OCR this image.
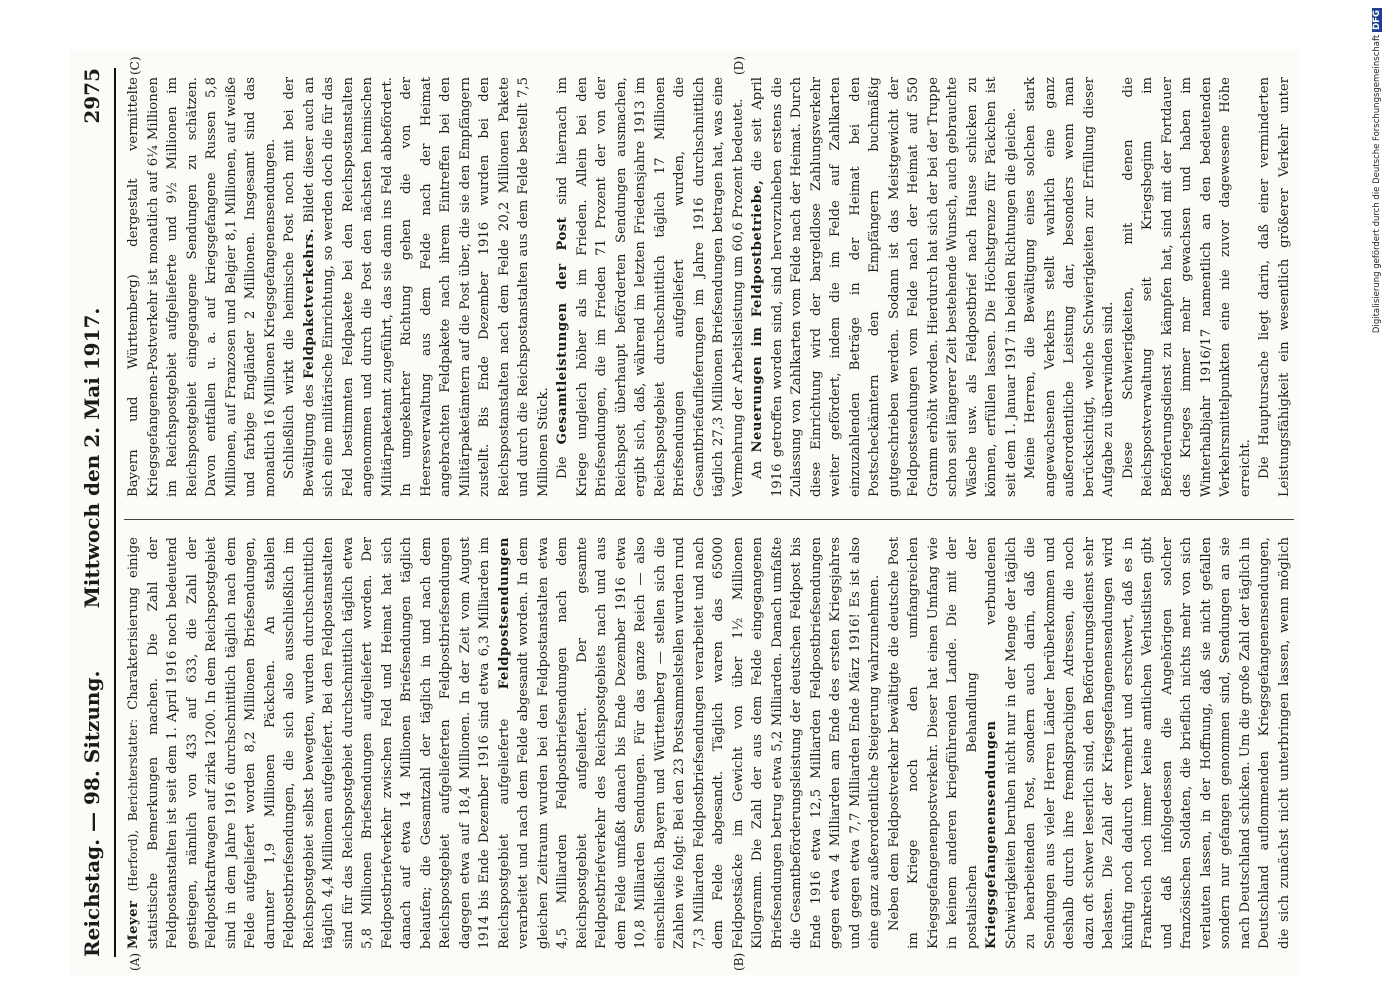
Reichstag. — 98. Sitzung.
Mittwoch den 2. Mai 1917.  2975
(A)	(B)
(C)	(D)

Meyer (Herford), Berichterstatter: Charakterisierung einige statistische Bemerkungen machen. Die Zahl der Feldpostanstalten ist seit dem 1. April 1916 noch bedeutend gestiegen, nämlich von 433 auf 633, die Zahl der Feldpostkraftwagen auf zirka 1200. In dem Reichspostgebiet sind in dem Jahre 1916 durchschnittlich täglich nach dem Felde aufgeliefert worden 8,2 Millionen Briefsendungen, darunter 1,9 Millionen Päckchen. An stabilen Feldpostbriefsendungen, die sich also ausschließlich im Reichspostgebiet selbst bewegten, wurden durchschnittlich täglich 4,4 Millionen aufgeliefert. Bei den Feldpostanstalten sind für das Reichspostgebiet durchschnittlich täglich etwa 5,8 Millionen Briefsendungen aufgeliefert worden. Der Feldpostbriefverkehr zwischen Feld und Heimat hat sich danach auf etwa 14 Millionen Briefsendungen täglich belaufen; die Gesamtzahl der täglich in und nach dem Reichspostgebiet aufgelieferten Feldpostbriefsendungen dagegen etwa auf 18,4 Millionen. In der Zeit vom August 1914 bis Ende Dezember 1916 sind etwa 6,3 Milliarden im Reichspostgebiet aufgelieferte Feldpostsendungen verarbeitet und nach dem Felde abgesandt worden. In dem gleichen Zeitraum wurden bei den Feldpostanstalten etwa 4,5 Milliarden Feldpostbriefsendungen nach dem Reichspostgebiet aufgeliefert. Der gesamte Feldpostbriefverkehr des Reichspostgebiets nach und aus dem Felde umfaßt danach bis Ende Dezember 1916 etwa 10,8 Milliarden Sendungen. Für das ganze Reich — also einschließlich Bayern und Württemberg — stellen sich die Zahlen wie folgt: Bei den 23 Postsammelstellen wurden rund 7,3 Milliarden Feldpostbriefsendungen verarbeitet und nach dem Felde abgesandt. Täglich waren das 65000 Feldpostsäcke im Gewicht von über 1½ Millionen Kilogramm. Die Zahl der aus dem Felde eingegangenen Briefsendungen betrug etwa 5,2 Milliarden. Danach umfaßte die Gesamtbeförderungsleistung der deutschen Feldpost bis Ende 1916 etwa 12,5 Milliarden Feldpostbriefsendungen gegen etwa 4 Milliarden am Ende des ersten Kriegsjahres und gegen etwa 7,7 Milliarden Ende März 1916! Es ist also eine ganz außerordentliche Steigerung wahrzunehmen. Neben dem Feldpostverkehr bewältigte die deutsche Post im Kriege noch den umfangreichen Kriegsgefangenenpostverkehr. Dieser hat einen Umfang wie in keinem anderen kriegführenden Lande. Die mit der postalischen Behandlung der Kriegsgefangenensendungen verbundenen Schwierigkeiten beruhen nicht nur in der Menge der täglich zu bearbeitenden Post, sondern auch darin, daß die Sendungen aus vieler Herren Länder herüberkommen und deshalb durch ihre fremdsprachigen Adressen, die noch dazu oft schwer leserlich sind, den Beförderungsdienst sehr belasten. Die Zahl der Kriegsgefangenensendungen wird künftig noch dadurch vermehrt und erschwert, daß es in Frankreich noch immer keine amtlichen Verlustlisten gibt und daß infolgedessen die Angehörigen solcher französischen Soldaten, die brieflich nichts mehr von sich verlauten lassen, in der Hoffnung, daß sie nicht gefallen sondern nur gefangen genommen sind, Sendungen an sie nach Deutschland schicken. Um die große Zahl der täglich in Deutschland auflommenden Kriegsgefangenensendungen, die sich zunächst nicht unterbringen lassen, wenn möglich

Bayern und Württemberg) dergestalt vermittelte Kriegsgefangenen-Postverkehr ist monatlich auf 6¼ Millionen im Reichspostgebiet aufgelieferte und 9½ Millionen im Reichspostgebiet eingegangene Sendungen zu schätzen. Davon entfallen u. a. auf kriegsgefangene Russen 5,8 Millionen, auf Franzosen und Belgier 8,1 Millionen, auf weiße und farbige Engländer 2 Millionen. Insgesamt sind das monatlich 16 Millionen Kriegsgefangenensendungen. Schließlich wirkt die heimische Post noch mit bei der Bewältigung des Feldpaketverkehrs. Bildet dieser auch an sich eine militärische Einrichtung, so werden doch die für das Feld bestimmten Feldpakete bei den Reichspostanstalten angenommen und durch die Post den nächsten heimischen Militärpaketamt zugeführt, das sie dann ins Feld abbefördert. In umgekehrter Richtung gehen die von der Heeresverwaltung aus dem Felde nach der Heimat angebrachten Feldpakete nach ihrem Eintreffen bei den Militärpaketämtern auf die Post über, die sie den Empfängern zustellt. Bis Ende Dezember 1916 wurden bei den Reichspostanstalten nach dem Felde 20,2 Millionen Pakete und durch die Reichspostanstalten aus dem Felde bestellt 7,5 Millionen Stück. Die Gesamtleistungen der Post sind hiernach im Kriege ungleich höher als im Frieden. Allein bei den Briefsendungen, die im Frieden 71 Prozent der von der Reichspost überhaupt beförderten Sendungen ausmachen, ergibt sich, daß, während im letzten Friedensjahre 1913 im Reichspostgebiet durchschnittlich täglich 17 Millionen Briefsendungen aufgeliefert wurden, die Gesamtbriefauflieferungen im Jahre 1916 durchschnittlich täglich 27,3 Millionen Briefsendungen betragen hat, was eine Vermehrung der Arbeitsleistung um 60,6 Prozent bedeutet. An Neuerungen im Feldpostbetriebe, die seit April 1916 getroffen worden sind, sind hervorzuheben erstens die Zulassung von Zahlkarten vom Felde nach der Heimat. Durch diese Einrichtung wird der bargeldlose Zahlungsverkehr weiter gefördert, indem die im Felde auf Zahlkarten einzuzahlenden Beträge in der Heimat bei den Postscheckämtern den Empfängern buchmäßig gutgeschrieben werden. Sodann ist das Meistgewicht der Feldpostsendungen vom Felde nach der Heimat auf 550 Gramm erhöht worden. Hierdurch hat sich der bei der Truppe schon seit längerer Zeit bestehende Wunsch, auch gebrauchte Wäsche usw. als Feldpostbrief nach Hause schicken zu können, erfüllen lassen. Die Höchstgrenze für Päckchen ist seit dem 1. Januar 1917 in beiden Richtungen die gleiche. Meine Herren, die Bewältigung eines solchen stark angewachsenen Verkehrs stellt wahrlich eine ganz außerordentliche Leistung dar, besonders wenn man berücksichtigt, welche Schwierigkeiten zur Erfüllung dieser Aufgabe zu überwinden sind. Diese Schwierigkeiten, mit denen die Reichspostverwaltung seit Kriegsbeginn im Beförderungsdienst zu kämpfen hat, sind mit der Fortdauer des Krieges immer mehr gewachsen und haben im Winterhalbjahr 1916/17 namentlich an den bedeutenden Verkehrsmittelpunkten eine nie zuvor dagewesene Höhe erreicht. Die Hauptursache liegt darin, daß einer verminderten Leistungsfähigkeit ein wesentlich größerer Verkehr unter	Digitalisierung gefördert durch die Deutsche ForschungsgemeinschaftDFG
